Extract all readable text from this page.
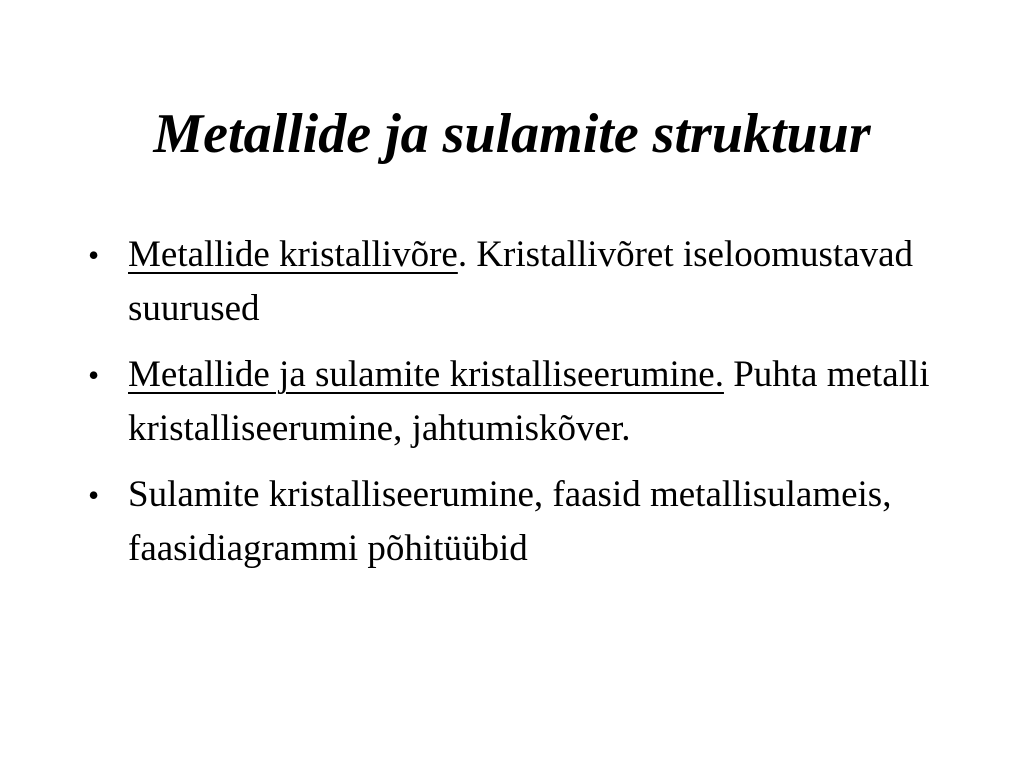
Metallide ja sulamite struktuur
• Metallide kristallivõre. Kristallivõret iseloomustavad suurused
• Metallide ja sulamite kristalliseerumine. Puhta metalli kristalliseerumine, jahtumiskõver.
• Sulamite kristalliseerumine, faasid metallisulameis, faasidiagrammi põhitüübid
